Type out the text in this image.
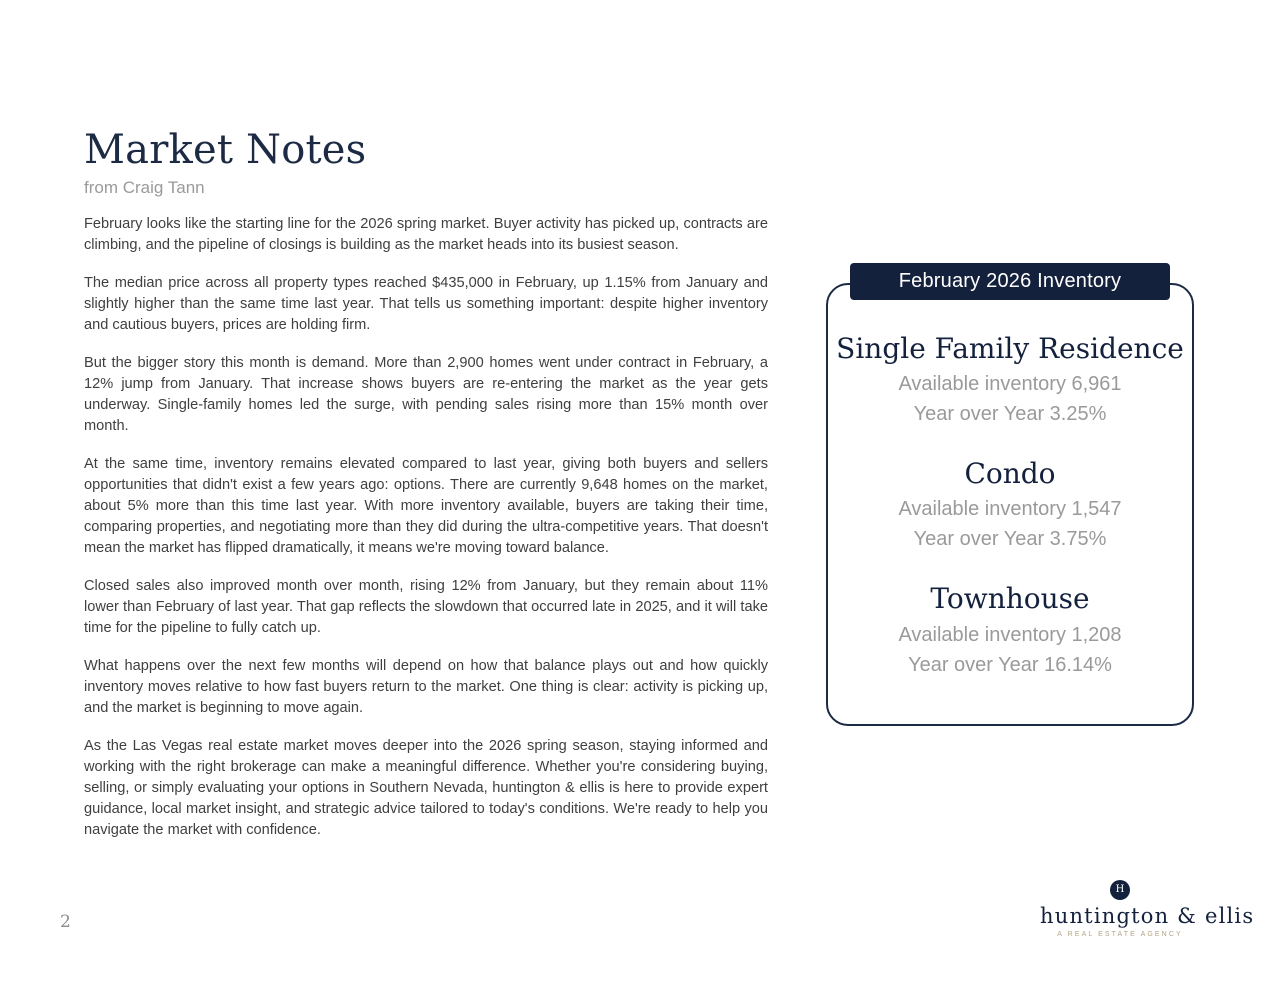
Market Notes

from Craig Tann

February looks like the starting line for the 2026 spring market. Buyer activity has picked up, contracts are climbing, and the pipeline of closings is building as the market heads into its busiest season.

The median price across all property types reached $435,000 in February, up 1.15% from January and slightly higher than the same time last year. That tells us something important: despite higher inventory and cautious buyers, prices are holding firm.

But the bigger story this month is demand. More than 2,900 homes went under contract in February, a 12% jump from January. That increase shows buyers are re-entering the market as the year gets underway. Single-family homes led the surge, with pending sales rising more than 15% month over month.

At the same time, inventory remains elevated compared to last year, giving both buyers and sellers opportunities that didn't exist a few years ago: options. There are currently 9,648 homes on the market, about 5% more than this time last year. With more inventory available, buyers are taking their time, comparing properties, and negotiating more than they did during the ultra-competitive years. That doesn't mean the market has flipped dramatically, it means we're moving toward balance.

Closed sales also improved month over month, rising 12% from January, but they remain about 11% lower than February of last year. That gap reflects the slowdown that occurred late in 2025, and it will take time for the pipeline to fully catch up.

What happens over the next few months will depend on how that balance plays out and how quickly inventory moves relative to how fast buyers return to the market. One thing is clear: activity is picking up, and the market is beginning to move again.

As the Las Vegas real estate market moves deeper into the 2026 spring season, staying informed and working with the right brokerage can make a meaningful difference. Whether you're considering buying, selling, or simply evaluating your options in Southern Nevada, huntington & ellis is here to provide expert guidance, local market insight, and strategic advice tailored to today's conditions. We're ready to help you navigate the market with confidence.

Single Family Residence
Available inventory 6,961
Year over Year 3.25%
Condo
Available inventory 1,547
Year over Year 3.75%
Townhouse
Available inventory 1,208
Year over Year 16.14%
February 2026 Inventory
H
huntington & ellis
A REAL ESTATE AGENCY
2
